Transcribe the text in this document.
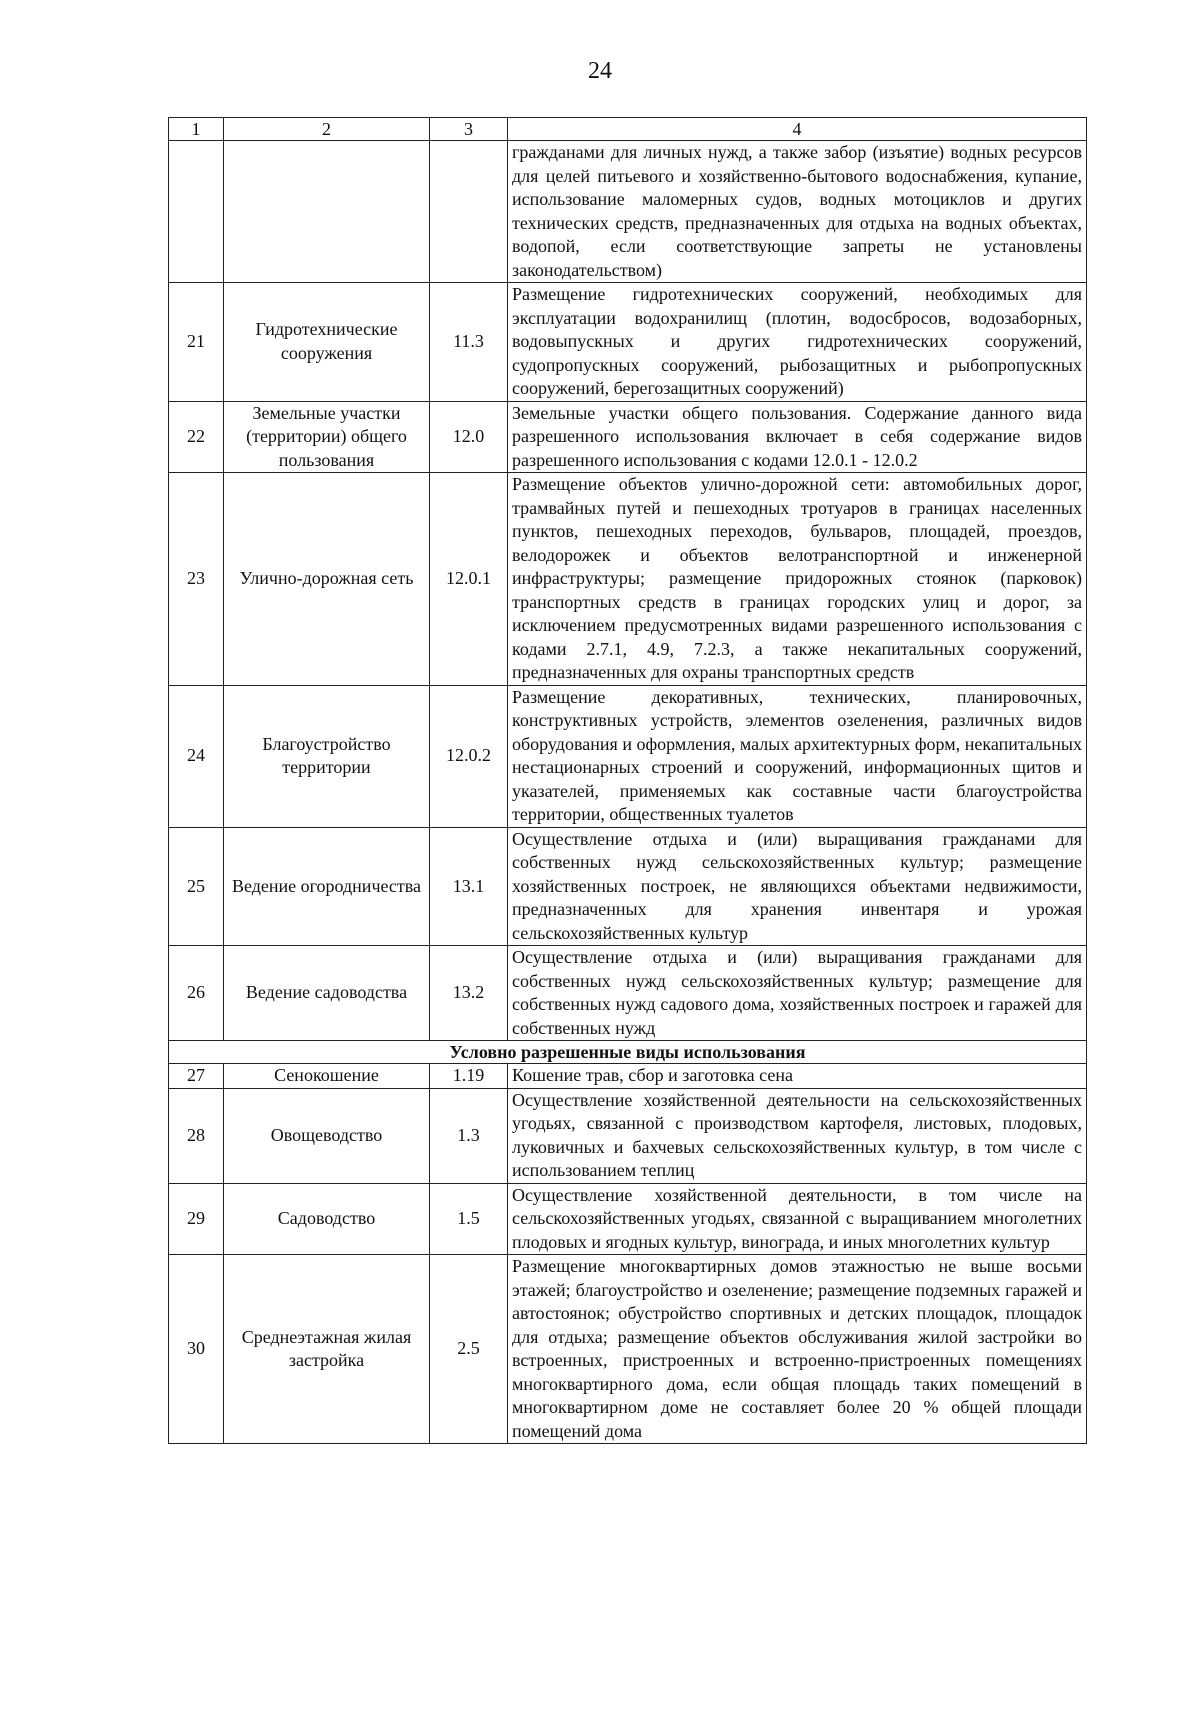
24
1	2	3	4
			гражданами для личных нужд, а также забор (изъятие) водных ресурсов для целей питьевого и хозяйственно-бытового водоснабжения, купание, использование маломерных судов, водных мотоциклов и других технических средств, предназначенных для отдыха на водных объектах, водопой, если соответствующие запреты не установлены законодательством)
21	Гидротехнические сооружения	11.3	Размещение гидротехнических сооружений, необходимых для эксплуатации водохранилищ (плотин, водосбросов, водозаборных, водовыпускных и других гидротехнических сооружений, судопропускных сооружений, рыбозащитных и рыбопропускных сооружений, берегозащитных сооружений)
22	Земельные участки (территории) общего пользования	12.0	Земельные участки общего пользования. Содержание данного вида разрешенного использования включает в себя содержание видов разрешенного использования с кодами 12.0.1 - 12.0.2
23	Улично-дорожная сеть	12.0.1	Размещение объектов улично-дорожной сети: автомобильных дорог, трамвайных путей и пешеходных тротуаров в границах населенных пунктов, пешеходных переходов, бульваров, площадей, проездов, велодорожек и объектов велотранспортной и инженерной инфраструктуры; размещение придорожных стоянок (парковок) транспортных средств в границах городских улиц и дорог, за исключением предусмотренных видами разрешенного использования с кодами 2.7.1, 4.9, 7.2.3, а также некапитальных сооружений, предназначенных для охраны транспортных средств
24	Благоустройство территории	12.0.2	Размещение декоративных, технических, планировочных, конструктивных устройств, элементов озеленения, различных видов оборудования и оформления, малых архитектурных форм, некапитальных нестационарных строений и сооружений, информационных щитов и указателей, применяемых как составные части благоустройства территории, общественных туалетов
25	Ведение огородничества	13.1	Осуществление отдыха и (или) выращивания гражданами для собственных нужд сельскохозяйственных культур; размещение хозяйственных построек, не являющихся объектами недвижимости, предназначенных для хранения инвентаря и урожая сельскохозяйственных культур
26	Ведение садоводства	13.2	Осуществление отдыха и (или) выращивания гражданами для собственных нужд сельскохозяйственных культур; размещение для собственных нужд садового дома, хозяйственных построек и гаражей для собственных нужд
Условно разрешенные виды использования			
27	Сенокошение	1.19	Кошение трав, сбор и заготовка сена
28	Овощеводство	1.3	Осуществление хозяйственной деятельности на сельскохозяйственных угодьях, связанной с производством картофеля, листовых, плодовых, луковичных и бахчевых сельскохозяйственных культур, в том числе с использованием теплиц
29	Садоводство	1.5	Осуществление хозяйственной деятельности, в том числе на сельскохозяйственных угодьях, связанной с выращиванием многолетних плодовых и ягодных культур, винограда, и иных многолетних культур
30	Среднеэтажная жилая застройка	2.5	Размещение многоквартирных домов этажностью не выше восьми этажей; благоустройство и озеленение; размещение подземных гаражей и автостоянок; обустройство спортивных и детских площадок, площадок для отдыха; размещение объектов обслуживания жилой застройки во встроенных, пристроенных и встроенно-пристроенных помещениях многоквартирного дома, если общая площадь таких помещений в многоквартирном доме не составляет более 20 % общей площади помещений дома
